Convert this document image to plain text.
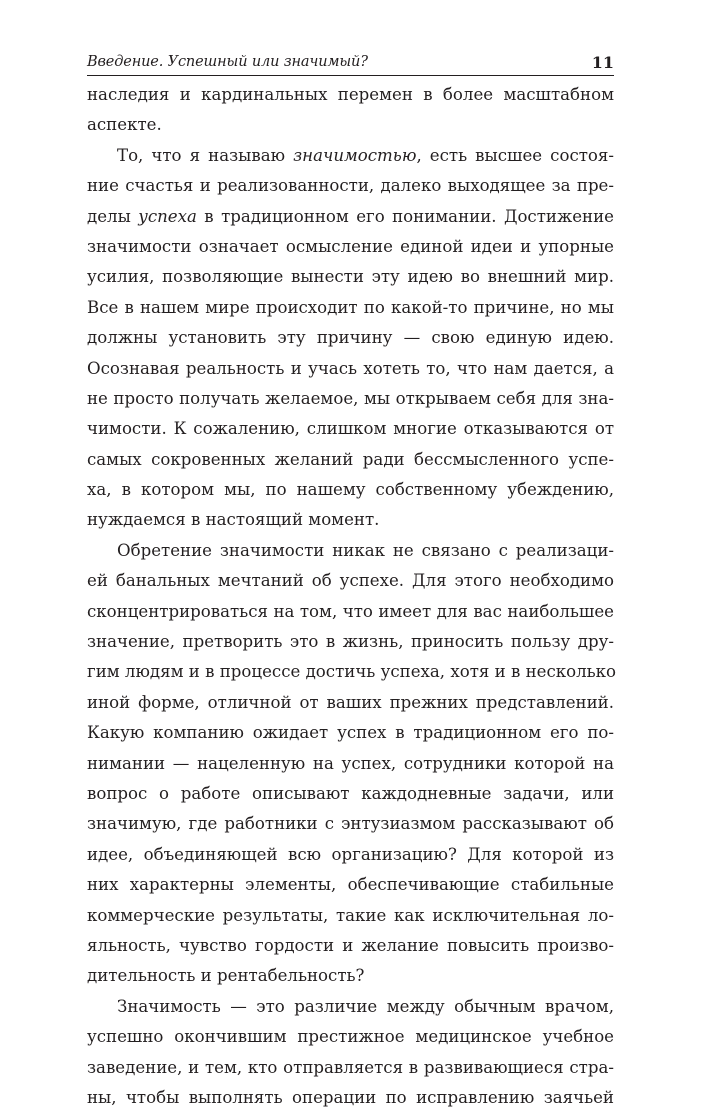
Введение. Успешный или значимый?	11
наследия и кардинальных перемен в более масштабном
аспекте.
То, что я называю значимостью, есть высшее состоя-
ние счастья и реализованности, далеко выходящее за пре-
делы успеха в традиционном его понимании. Достижение
значимости означает осмысление единой идеи и упорные
усилия, позволяющие вынести эту идею во внешний мир.
Все в нашем мире происходит по какой-то причине, но мы
должны установить эту причину — свою единую идею.
Осознавая реальность и учась хотеть то, что нам дается, а
не просто получать желаемое, мы открываем себя для зна-
чимости. К сожалению, слишком многие отказываются от
самых сокровенных желаний ради бессмысленного успе-
ха, в котором мы, по нашему собственному убеждению,
нуждаемся в настоящий момент.
Обретение значимости никак не связано с реализаци-
ей банальных мечтаний об успехе. Для этого необходимо
сконцентрироваться на том, что имеет для вас наибольшее
значение, претворить это в жизнь, приносить пользу дру-
гим людям и в процессе достичь успеха, хотя и в несколько
иной форме, отличной от ваших прежних представлений.
Какую компанию ожидает успех в традиционном его по-
нимании — нацеленную на успех, сотрудники которой на
вопрос о работе описывают каждодневные задачи, или
значимую, где работники с энтузиазмом рассказывают об
идее, объединяющей всю организацию? Для которой из
них характерны элементы, обеспечивающие стабильные
коммерческие результаты, такие как исключительная ло-
яльность, чувство гордости и желание повысить произво-
дительность и рентабельность?
Значимость — это различие между обычным врачом,
успешно окончившим престижное медицинское учебное
заведение, и тем, кто отправляется в развивающиеся стра-
ны, чтобы выполнять операции по исправлению заячьей
